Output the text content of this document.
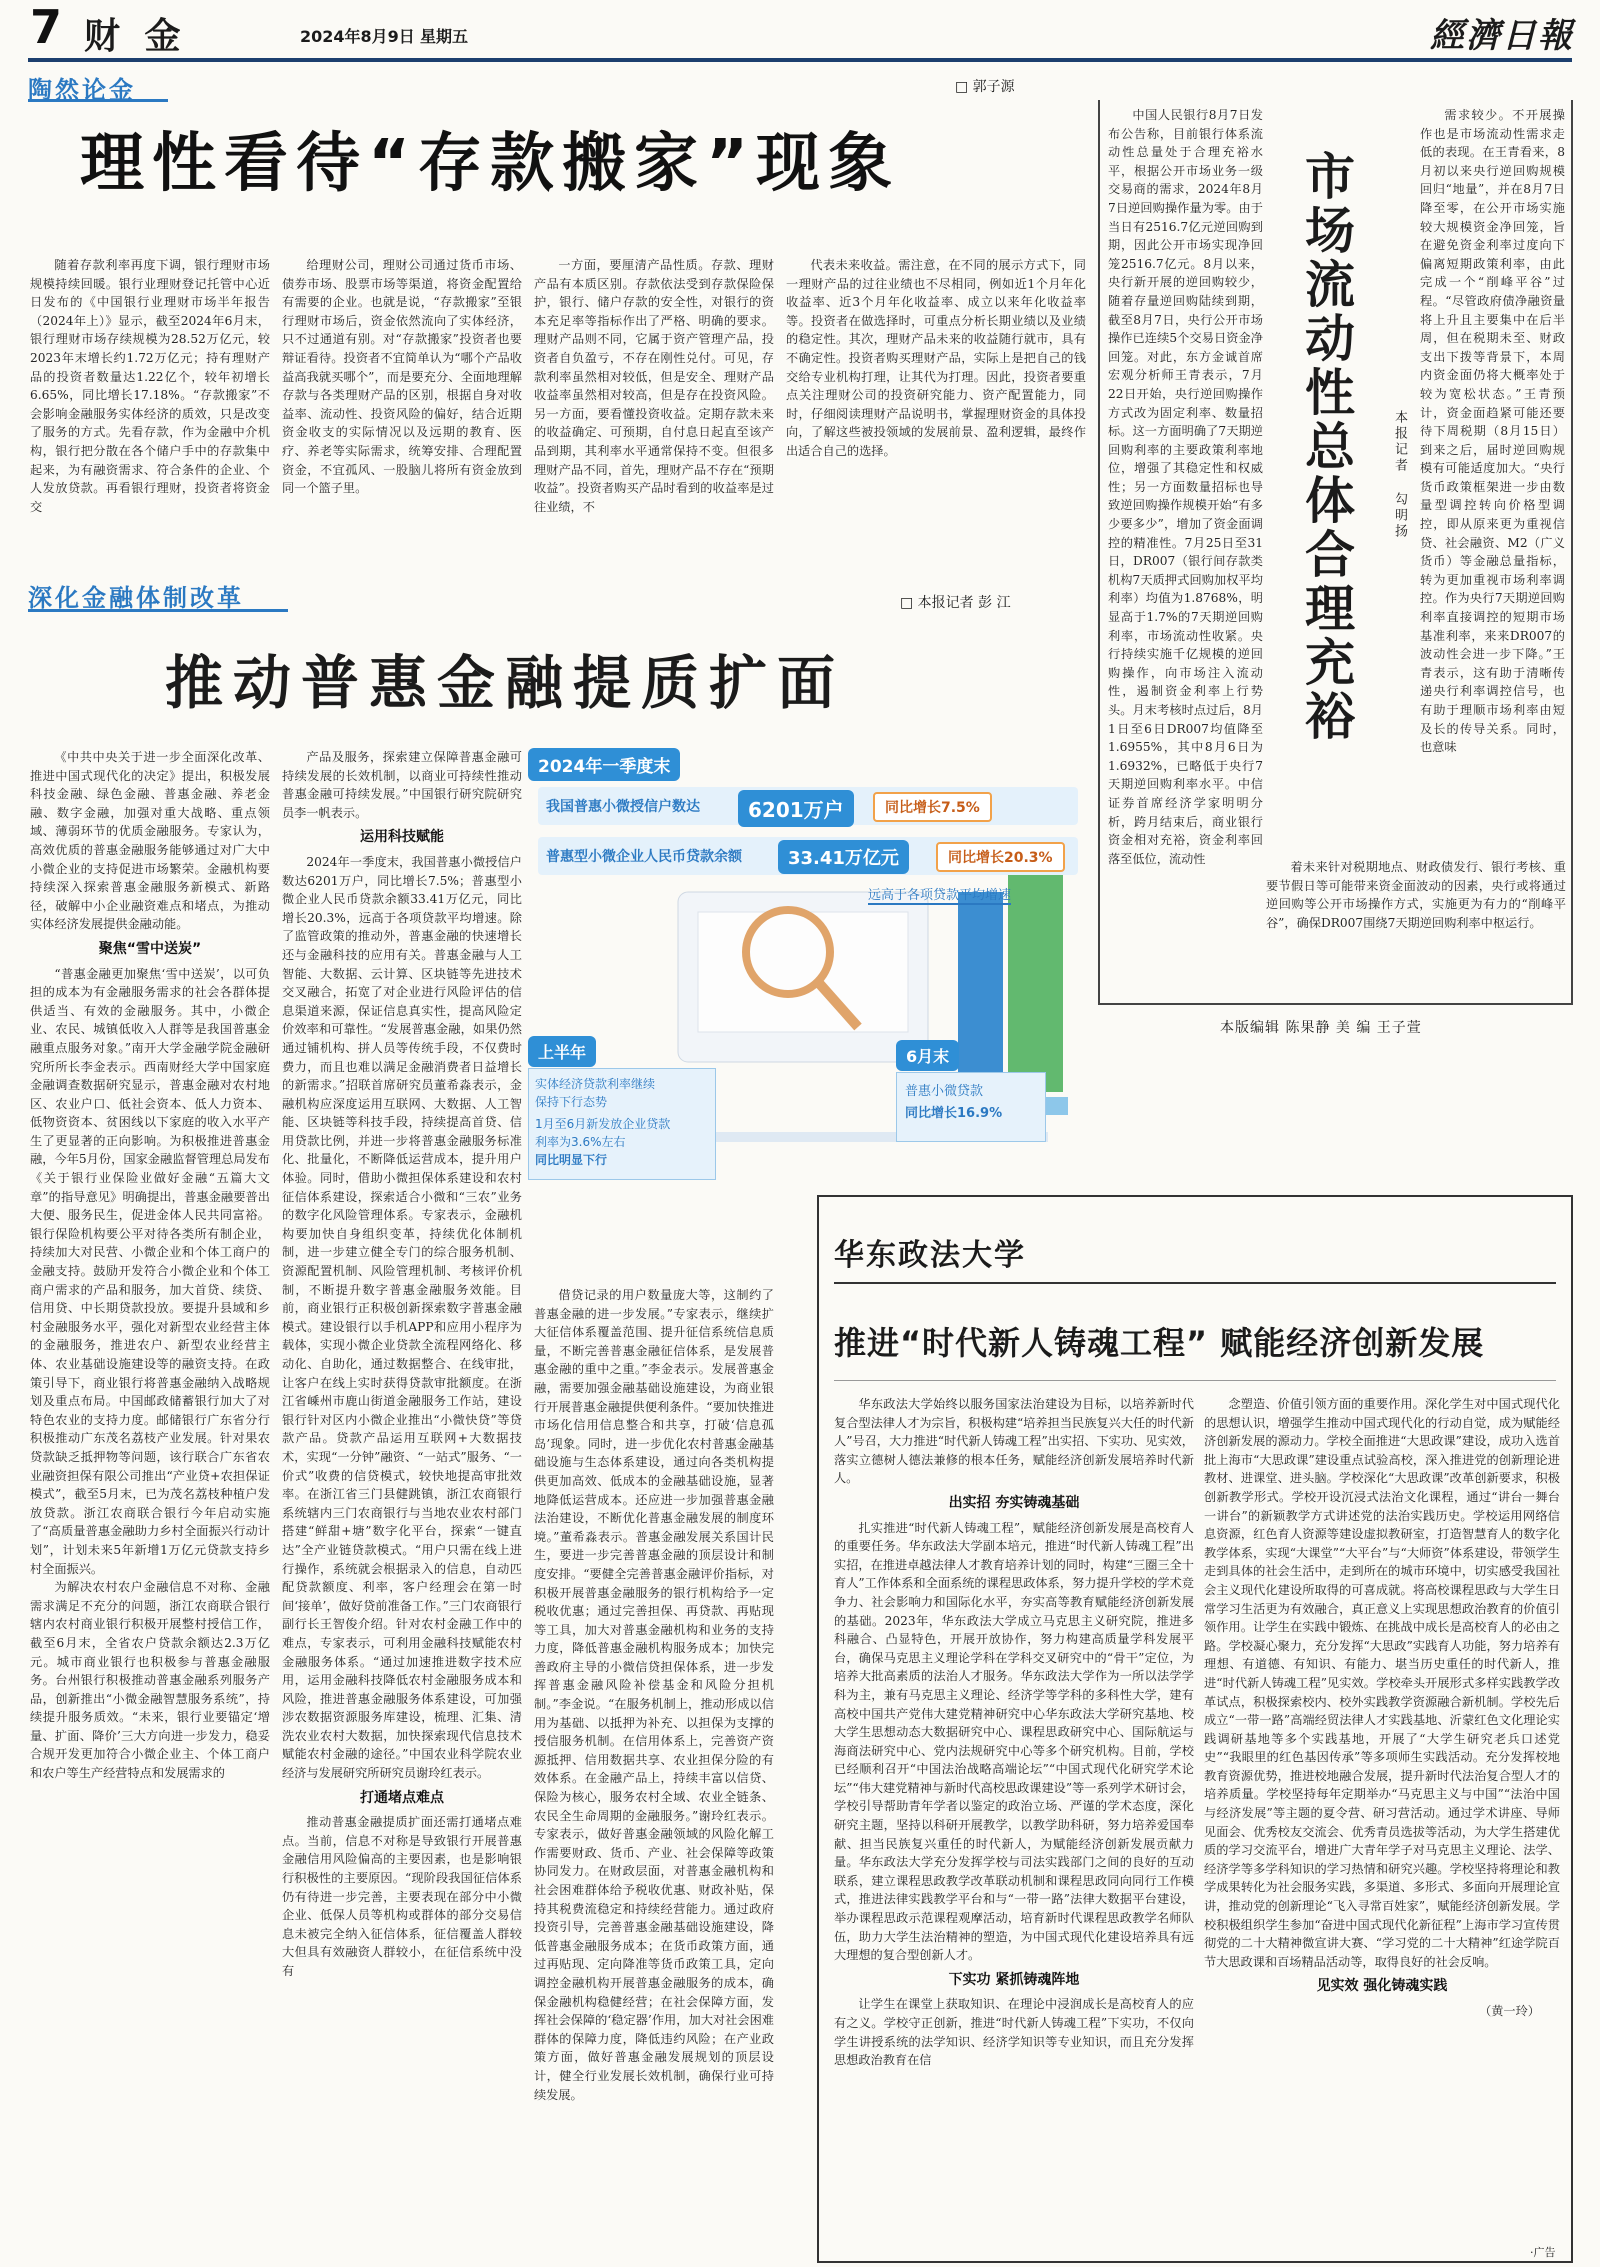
7 财 金	2024年8月9日 星期五	經濟日報
陶然论金	□ 郭子源
理性看待“存款搬家”现象

随着存款利率再度下调，银行理财市场规模持续回暖。银行业理财登记托管中心近日发布的《中国银行业理财市场半年报告（2024年上）》显示，截至2024年6月末，银行理财市场存续规模为28.52万亿元，较2023年末增长约1.72万亿元；持有理财产品的投资者数量达1.22亿个，较年初增长6.65%，同比增长17.18%。“存款搬家”不会影响金融服务实体经济的质效，只是改变了服务的方式。先看存款，作为金融中介机构，银行把分散在各个储户手中的存款集中起来，为有融资需求、符合条件的企业、个人发放贷款。再看银行理财，投资者将资金交

给理财公司，理财公司通过货币市场、债券市场、股票市场等渠道，将资金配置给有需要的企业。也就是说，“存款搬家”至银行理财市场后，资金依然流向了实体经济，只不过通道有别。对“存款搬家”投资者也要辩证看待。投资者不宜简单认为“哪个产品收益高我就买哪个”，而是要充分、全面地理解存款与各类理财产品的区别，根据自身对收益率、流动性、投资风险的偏好，结合近期资金收支的实际情况以及远期的教育、医疗、养老等实际需求，统筹安排、合理配置资金，不宜孤风、一股脑儿将所有资金放到同一个篮子里。

一方面，要厘清产品性质。存款、理财产品有本质区别。存款依法受到存款保险保护，银行、储户存款的安全性，对银行的资本充足率等指标作出了严格、明确的要求。理财产品则不同，它属于资产管理产品，投资者自负盈亏，不存在刚性兑付。可见，存款利率虽然相对较低，但是安全、理财产品收益率虽然相对较高，但是存在投资风险。另一方面，要看懂投资收益。定期存款未来的收益确定、可预期，自付息日起直至该产品到期，其利率水平通常保持不变。但很多理财产品不同，首先，理财产品不存在“预期收益”。投资者购买产品时看到的收益率是过往业绩，不

代表未来收益。需注意，在不同的展示方式下，同一理财产品的过往业绩也不尽相同，例如近1个月年化收益率、近3个月年化收益率、成立以来年化收益率等。投资者在做选择时，可重点分析长期业绩以及业绩的稳定性。其次，理财产品未来的收益随行就市，具有不确定性。投资者购买理财产品，实际上是把自己的钱交给专业机构打理，让其代为打理。因此，投资者要重点关注理财公司的投资研究能力、资产配置能力，同时，仔细阅读理财产品说明书，掌握理财资金的具体投向，了解这些被投领域的发展前景、盈利逻辑，最终作出适合自己的选择。

中国人民银行8月7日发布公告称，目前银行体系流动性总量处于合理充裕水平，根据公开市场业务一级交易商的需求，2024年8月7日逆回购操作量为零。由于当日有2516.7亿元逆回购到期，因此公开市场实现净回笼2516.7亿元。8月以来，央行新开展的逆回购较少，随着存量逆回购陆续到期，截至8月7日，央行公开市场操作已连续5个交易日资金净回笼。对此，东方金诚首席宏观分析师王青表示，7月22日开始，央行逆回购操作方式改为固定利率、数量招标。这一方面明确了7天期逆回购利率的主要政策利率地位，增强了其稳定性和权威性；另一方面数量招标也导致逆回购操作规模开始“有多少要多少”，增加了资金面调控的精准性。7月25日至31日，DR007（银行间存款类机构7天质押式回购加权平均利率）均值为1.8768%，明显高于1.7%的7天期逆回购利率，市场流动性收紧。央行持续实施千亿规模的逆回购操作，向市场注入流动性，遏制资金利率上行势头。月末考核时点过后，8月1日至6日DR007均值降至1.6955%，其中8月6日为1.6932%，已略低于央行7天期逆回购利率水平。中信证券首席经济学家明明分析，跨月结束后，商业银行资金相对充裕，资金利率回落至低位，流动性

市场流动性总体合理充裕	本报记者 勾明扬

需求较少。不开展操作也是市场流动性需求走低的表现。在王青看来，8月初以来央行逆回购规模回归“地量”，并在8月7日降至零，在公开市场实施较大规模资金净回笼，旨在避免资金利率过度向下偏离短期政策利率，由此完成一个“削峰平谷”过程。“尽管政府债净融资量将上升且主要集中在后半周，但在税期未至、财政支出下拨等背景下，本周内资金面仍将大概率处于较为宽松状态。”王青预计，资金面趋紧可能还要待下周税期（8月15日）到来之后，届时逆回购规模有可能适度加大。“央行货币政策框架进一步由数量型调控转向价格型调控，即从原来更为重视信贷、社会融资、M2（广义货币）等金融总量指标，转为更加重视市场利率调控。作为央行7天期逆回购利率直接调控的短期市场基准利率，来来DR007的波动性会进一步下降。”王青表示，这有助于清晰传递央行利率调控信号，也有助于理顺市场利率由短及长的传导关系。同时，也意味

着未来针对税期地点、财政债发行、银行考核、重要节假日等可能带来资金面波动的因素，央行或将通过逆回购等公开市场操作方式，实施更为有力的“削峰平谷”，确保DR007围绕7天期逆回购利率中枢运行。

本版编辑 陈果静 美 编 王子萱
深化金融体制改革	□ 本报记者 彭 江
推动普惠金融提质扩面

《中共中央关于进一步全面深化改革、推进中国式现代化的决定》提出，积极发展科技金融、绿色金融、普惠金融、养老金融、数字金融，加强对重大战略、重点领域、薄弱环节的优质金融服务。专家认为，高效优质的普惠金融服务能够通过对广大中小微企业的支持促进市场繁荣。金融机构要持续深入探索普惠金融服务新模式、新路径，破解中小企业融资难点和堵点，为推动实体经济发展提供金融动能。

聚焦“雪中送炭”

“普惠金融更加聚焦‘雪中送炭’，以可负担的成本为有金融服务需求的社会各群体提供适当、有效的金融服务。其中，小微企业、农民、城镇低收入人群等是我国普惠金融重点服务对象。”南开大学金融学院金融研究所所长李金表示。西南财经大学中国家庭金融调查数据研究显示，普惠金融对农村地区、农业户口、低社会资本、低人力资本、低物资资本、贫困线以下家庭的收入水平产生了更显著的正向影响。为积极推进普惠金融，今年5月份，国家金融监督管理总局发布《关于银行业保险业做好金融“五篇大文章”的指导意见》明确提出，普惠金融要普出大便、服务民生，促进金体人民共同富裕。银行保险机构要公平对待各类所有制企业，持续加大对民营、小微企业和个体工商户的金融支持。鼓励开发符合小微企业和个体工商户需求的产品和服务，加大首贷、续贷、信用贷、中长期贷款投放。要提升县域和乡村金融服务水平，强化对新型农业经营主体的金融服务，推进农户、新型农业经营主体、农业基础设施建设等的融资支持。在政策引导下，商业银行将普惠金融纳入战略规划及重点布局。中国邮政储蓄银行加大了对特色农业的支持力度。邮储银行广东省分行积极推动广东茂名荔枝产业发展。针对果农贷款缺乏抵押物等问题，该行联合广东省农业融资担保有限公司推出“产业贷+农担保证模式”，截至5月末，已为茂名荔枝种植户发放贷款。浙江农商联合银行今年启动实施了“高质量普惠金融助力乡村全面振兴行动计划”，计划未来5年新增1万亿元贷款支持乡村全面振兴。

为解决农村农户金融信息不对称、金融需求满足不充分的问题，浙江农商联合银行辖内农村商业银行积极开展整村授信工作，截至6月末，全省农户贷款余额达2.3万亿元。城市商业银行也积极参与普惠金融服务。台州银行积极推动普惠金融系列服务产品，创新推出“小微金融智慧服务系统”，持续提升服务质效。“未来，银行业要锚定‘增量、扩面、降价’三大方向进一步发力，稳妥合规开发更加符合小微企业主、个体工商户和农户等生产经营特点和发展需求的

产品及服务，探索建立保障普惠金融可持续发展的长效机制，以商业可持续性推动普惠金融可持续发展。”中国银行研究院研究员李一帆表示。

运用科技赋能

2024年一季度末，我国普惠小微授信户数达6201万户，同比增长7.5%；普惠型小微企业人民币贷款余额33.41万亿元，同比增长20.3%，远高于各项贷款平均增速。除了监管政策的推动外，普惠金融的快速增长还与金融科技的应用有关。普惠金融与人工智能、大数据、云计算、区块链等先进技术交叉融合，拓宽了对企业进行风险评估的信息渠道来源，保证信息真实性，提高风险定价效率和可靠性。“发展普惠金融，如果仍然通过铺机构、拼人员等传统手段，不仅费时费力，而且也难以满足金融消费者日益增长的新需求。”招联首席研究员董希淼表示，金融机构应深度运用互联网、大数据、人工智能、区块链等科技手段，持续提高首贷、信用贷款比例，并进一步将普惠金融服务标准化、批量化，不断降低运营成本，提升用户体验。同时，借助小微担保体系建设和农村征信体系建设，探索适合小微和“三农”业务的数字化风险管理体系。专家表示，金融机构要加快自身组织变革，持续优化体制机制，进一步建立健全专门的综合服务机制、资源配置机制、风险管理机制、考核评价机制，不断提升数字普惠金融服务效能。目前，商业银行正积极创新探索数字普惠金融模式。建设银行以手机APP和应用小程序为载体，实现小微企业贷款全流程网络化、移动化、自助化，通过数据整合、在线审批，让客户在线上实时获得贷款审批额度。在浙江省嵊州市鹿山街道金融服务工作站，建设银行针对区内小微企业推出“小微快贷”等贷款产品。贷款产品运用互联网+大数据技术，实现“一分钟”融资、“一站式”服务、“一价式”收费的信贷模式，较快地提高审批效率。在浙江省三门县健跳镇，浙江农商银行系统辖内三门农商银行与当地农业农村部门搭建“鲜甜+塘”数字化平台，探索“一键直达”全产业链贷款模式。“用户只需在线上进行操作，系统就会根据录入的信息，自动匹配贷款额度、利率，客户经理会在第一时间‘接单’，做好贷前准备工作。”三门农商银行副行长王智俊介绍。针对农村金融工作中的难点，专家表示，可利用金融科技赋能农村金融服务体系。“通过加速推进数字技术应用，运用金融科技降低农村金融服务成本和风险，推进普惠金融服务体系建设，可加强涉农数据资源服务库建设，梳理、汇集、清洗农业农村大数据，加快探索现代信息技术赋能农村金融的途径。”中国农业科学院农业经济与发展研究所研究员谢玲红表示。

打通堵点难点

推动普惠金融提质扩面还需打通堵点难点。当前，信息不对称是导致银行开展普惠金融信用风险偏高的主要因素，也是影响银行积极性的主要原因。“现阶段我国征信体系仍有待进一步完善，主要表现在部分中小微企业、低保人员等机构或群体的部分交易信息未被完全纳入征信体系，征信覆盖人群较大但具有效融资人群较小，在征信系统中没有

借贷记录的用户数量庞大等，这制约了普惠金融的进一步发展。”专家表示，继续扩大征信体系覆盖范围、提升征信系统信息质量，不断完善普惠金融征信体系，是发展普惠金融的重中之重。”李金表示。发展普惠金融，需要加强金融基础设施建设，为商业银行开展普惠金融提供便利条件。“要加快推进市场化信用信息整合和共享，打破‘信息孤岛’现象。同时，进一步优化农村普惠金融基础设施与生态体系建设，通过向各类机构提供更加高效、低成本的金融基础设施，显著地降低运营成本。还应进一步加强普惠金融法治建设，不断优化普惠金融发展的制度环境。”董希淼表示。普惠金融发展关系国计民生，要进一步完善普惠金融的顶层设计和制度安排。“要健全完善普惠金融评价指标，对积极开展普惠金融服务的银行机构给予一定税收优惠；通过完善担保、再贷款、再贴现等工具，加大对普惠金融机构和业务的支持力度，降低普惠金融机构服务成本；加快完善政府主导的小微信贷担保体系，进一步发挥普惠金融风险补偿基金和风险分担机制。”李金说。“在服务机制上，推动形成以信用为基础、以抵押为补充、以担保为支撑的授信服务机制。在信用体系上，完善资产资源抵押、信用数据共享、农业担保分险的有效体系。在金融产品上，持续丰富以信贷、保险为核心，服务农村全域、农业全链条、农民全生命周期的金融服务。”谢玲红表示。专家表示，做好普惠金融领域的风险化解工作需要财政、货币、产业、社会保障等政策协同发力。在财政层面，对普惠金融机构和社会困难群体给予税收优惠、财政补贴，保持其税费流稳定和持续经营能力。通过政府投资引导，完善普惠金融基础设施建设，降低普惠金融服务成本；在货币政策方面，通过再贴现、定向降准等货币政策工具，定向调控金融机构开展普惠金融服务的成本，确保金融机构稳健经营；在社会保障方面，发挥社会保障的‘稳定器’作用，加大对社会困难群体的保障力度，降低违约风险；在产业政策方面，做好普惠金融发展规划的顶层设计，健全行业发展长效机制，确保行业可持续发展。

2024年一季度末
我国普惠小微授信户数达	6201万户	同比增长7.5%
普惠型小微企业人民币贷款余额	33.41万亿元	同比增长20.3%
远高于各项贷款平均增速
上半年
实体经济贷款利率继续
保持下行态势
1月至6月新发放企业贷款
利率为3.6%左右
同比明显下行
6月末
普惠小微贷款
同比增长16.9%
华东政法大学
推进“时代新人铸魂工程” 赋能经济创新发展

华东政法大学始终以服务国家法治建设为目标，以培养新时代复合型法律人才为宗旨，积极构建“培养担当民族复兴大任的时代新人”号召，大力推进“时代新人铸魂工程”出实招、下实功、见实效，落实立德树人德法兼修的根本任务，赋能经济创新发展培养时代新人。

出实招 夯实铸魂基础

扎实推进“时代新人铸魂工程”，赋能经济创新发展是高校育人的重要任务。华东政法大学副本培元，推进“时代新人铸魂工程”出实招，在推进卓越法律人才教育培养计划的同时，构建“三圈三全十育人”工作体系和全面系统的课程思政体系，努力提升学校的学术竞争力、社会影响力和国际化水平，夯实高等教育赋能经济创新发展的基础。2023年，华东政法大学成立马克思主义研究院，推进多科融合、凸显特色，开展开放协作，努力构建高质量学科发展平台，确保马克思主义理论学科在学科交叉研究中的“骨干”定位，为培养大批高素质的法治人才服务。华东政法大学作为一所以法学学科为主，兼有马克思主义理论、经济学等学科的多科性大学，建有高校中国共产党伟大建党精神研究中心华东政法大学研究基地、校大学生思想动态大数据研究中心、课程思政研究中心、国际航运与海商法研究中心、党内法规研究中心等多个研究机构。目前，学校已经顺利召开“中国法治战略高端论坛”“中国式现代化研究学术论坛”“伟大建党精神与新时代高校思政课建设”等一系列学术研讨会，学校引导帮助青年学者以鉴定的政治立场、严谨的学术态度，深化研究主题，坚持以科研开展教学，以教学助科研，努力培养爱国奉献、担当民族复兴重任的时代新人，为赋能经济创新发展贡献力量。华东政法大学充分发挥学校与司法实践部门之间的良好的互动联系，建立课程思政教学改革联动机制和课程思政同向同行工作模式，推进法律实践教学平台和与“一带一路”法律大数据平台建设，举办课程思政示范课程观摩活动，培育新时代课程思政教学名师队伍，助力大学生法治精神的塑造，为中国式现代化建设培养具有远大理想的复合型创新人才。

下实功 紧抓铸魂阵地

让学生在课堂上获取知识、在理论中浸润成长是高校育人的应有之义。学校守正创新，推进“时代新人铸魂工程”下实功，不仅向学生讲授系统的法学知识、经济学知识等专业知识，而且充分发挥思想政治教育在信

念塑造、价值引领方面的重要作用。深化学生对中国式现代化的思想认识，增强学生推动中国式现代化的行动自觉，成为赋能经济创新发展的源动力。学校全面推进“大思政课”建设，成功入选首批上海市“大思政课”建设重点试验高校，深入推进党的创新理论进教材、进课堂、进头脑。学校深化“大思政课”改革创新要求，积极创新教学形式。学校开设沉浸式法治文化课程，通过“讲台一舞台一讲台”的新颖教学方式讲述党的法治实践历史。学校运用网络信息资源，红色育人资源等建设虚拟教研室，打造智慧育人的数字化教学体系，实现“大课堂”“大平台”与“大师资”体系建设，带领学生走到具体的社会生活中，走到所在的城市环境中，切实感受我国社会主义现代化建设所取得的可喜成就。将高校课程思政与大学生日常学习生活更为有效融合，真正意义上实现思想政治教育的价值引领作用。让学生在实践中锻炼、在挑战中成长是高校育人的必由之路。学校凝心聚力，充分发挥“大思政”实践育人功能，努力培养有理想、有道德、有知识、有能力、堪当历史重任的时代新人，推进“时代新人铸魂工程”见实效。学校牵头开展形式多样实践教学改革试点，积极探索校内、校外实践教学资源融合新机制。学校先后成立“一带一路”高端经贸法律人才实践基地、沂蒙红色文化理论实践调研基地等多个实践基地，开展了“大学生研究老兵口述党史”“我眼里的红色基因传承”等多项师生实践活动。充分发挥校地教育资源优势，推进校地融合发展，提升新时代法治复合型人才的培养质量。学校坚持每年定期举办“马克思主义与中国”“法治中国与经济发展”等主题的夏令营、研习营活动。通过学术讲座、导师见面会、优秀校友交流会、优秀青员选拔等活动，为大学生搭建优质的学习交流平台，增进广大青年学子对马克思主义理论、法学、经济学等多学科知识的学习热情和研究兴趣。学校坚持将理论和教学成果转化为社会服务实践，多渠道、多形式、多面向开展理论宣讲，推动党的创新理论“飞入寻常百姓家”，赋能经济创新发展。学校积极组织学生参加“奋进中国式现代化新征程”上海市学习宣传贯彻党的二十大精神微宣讲大赛、“学习党的二十大精神”红途学院百节大思政课和百场精品活动等，取得良好的社会反响。

见实效 强化铸魂实践
（黄一玲）
·广告
